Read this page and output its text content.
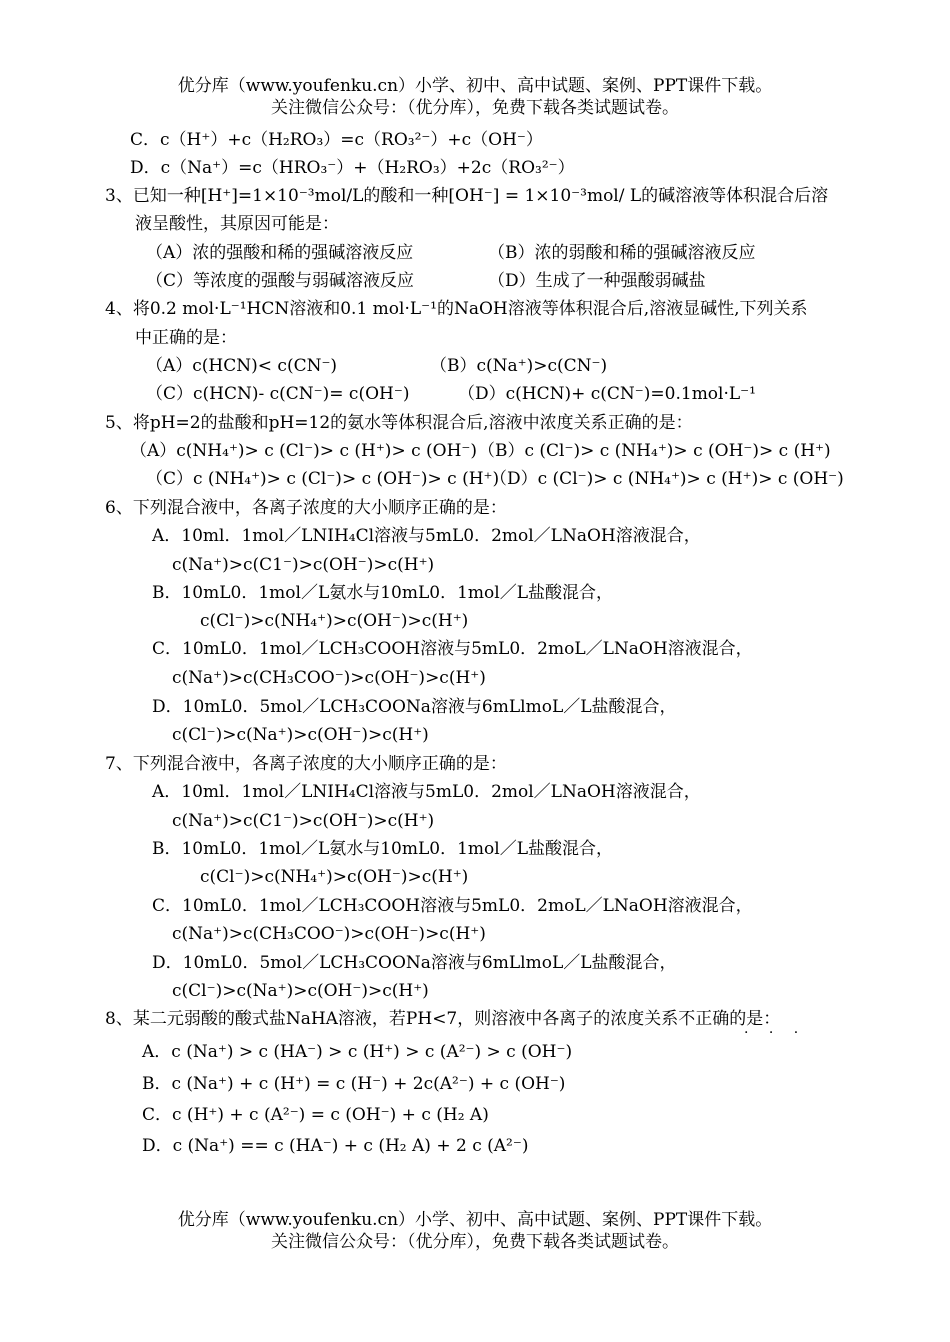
优分库（www.youfenku.cn）小学、初中、高中试题、案例、PPT课件下载。
关注微信公众号：（优分库），免费下载各类试题试卷。
C．c（H⁺）+c（H₂RO₃）=c（RO₃²⁻）+c（OH⁻）
D．c（Na⁺）=c（HRO₃⁻）+（H₂RO₃）+2c（RO₃²⁻）
3、已知一种[H⁺]=1×10⁻³mol/L的酸和一种[OH⁻] = 1×10⁻³mol/ L的碱溶液等体积混合后溶
液呈酸性，其原因可能是：
（A）浓的强酸和稀的强碱溶液反应	（B）浓的弱酸和稀的强碱溶液反应
（C）等浓度的强酸与弱碱溶液反应	（D）生成了一种强酸弱碱盐
4、将0.2 mol·L⁻¹HCN溶液和0.1 mol·L⁻¹的NaOH溶液等体积混合后,溶液显碱性,下列关系
中正确的是：
（A）c(HCN)< c(CN⁻)	（B）c(Na⁺)>c(CN⁻)
（C）c(HCN)- c(CN⁻)= c(OH⁻)	（D）c(HCN)+ c(CN⁻)=0.1mol·L⁻¹
5、将pH=2的盐酸和pH=12的氨水等体积混合后,溶液中浓度关系正确的是：
（A）c(NH₄⁺)> c (Cl⁻)> c (H⁺)> c (OH⁻) （B）c (Cl⁻)> c (NH₄⁺)> c (OH⁻)> c (H⁺)
（C）c (NH₄⁺)> c (Cl⁻)> c (OH⁻)> c (H⁺)
（D）c (Cl⁻)> c (NH₄⁺)> c (H⁺)> c (OH⁻)
6、下列混合液中，各离子浓度的大小顺序正确的是：
A．10ml．1mol／LNIH₄Cl溶液与5mL0．2mol／LNaOH溶液混合，
c(Na⁺)>c(C1⁻)>c(OH⁻)>c(H⁺)
B．10mL0．1mol／L氨水与10mL0．1mol／L盐酸混合，
c(Cl⁻)>c(NH₄⁺)>c(OH⁻)>c(H⁺)
C．10mL0．1mol／LCH₃COOH溶液与5mL0．2moL／LNaOH溶液混合，
c(Na⁺)>c(CH₃COO⁻)>c(OH⁻)>c(H⁺)
D．10mL0．5mol／LCH₃COONa溶液与6mLlmoL／L盐酸混合，
c(Cl⁻)>c(Na⁺)>c(OH⁻)>c(H⁺)
7、下列混合液中，各离子浓度的大小顺序正确的是：
A．10ml．1mol／LNIH₄Cl溶液与5mL0．2mol／LNaOH溶液混合，
c(Na⁺)>c(C1⁻)>c(OH⁻)>c(H⁺)
B．10mL0．1mol／L氨水与10mL0．1mol／L盐酸混合，
c(Cl⁻)>c(NH₄⁺)>c(OH⁻)>c(H⁺)
C．10mL0．1mol／LCH₃COOH溶液与5mL0．2moL／LNaOH溶液混合，
c(Na⁺)>c(CH₃COO⁻)>c(OH⁻)>c(H⁺)
D．10mL0．5mol／LCH₃COONa溶液与6mLlmoL／L盐酸混合，
c(Cl⁻)>c(Na⁺)>c(OH⁻)>c(H⁺)
8、某二元弱酸的酸式盐NaHA溶液，若PH<7，则溶液中各离子的浓度关系不正确的是：
· · ·
A．c (Na⁺) > c (HA⁻) > c (H⁺) > c (A²⁻) > c (OH⁻)
B．c (Na⁺) + c (H⁺) = c (H⁻) + 2c(A²⁻) + c (OH⁻)
C．c (H⁺) + c (A²⁻) = c (OH⁻) + c (H₂ A)
D．c (Na⁺) == c (HA⁻) + c (H₂ A) + 2 c (A²⁻)
优分库（www.youfenku.cn）小学、初中、高中试题、案例、PPT课件下载。
关注微信公众号：（优分库），免费下载各类试题试卷。
